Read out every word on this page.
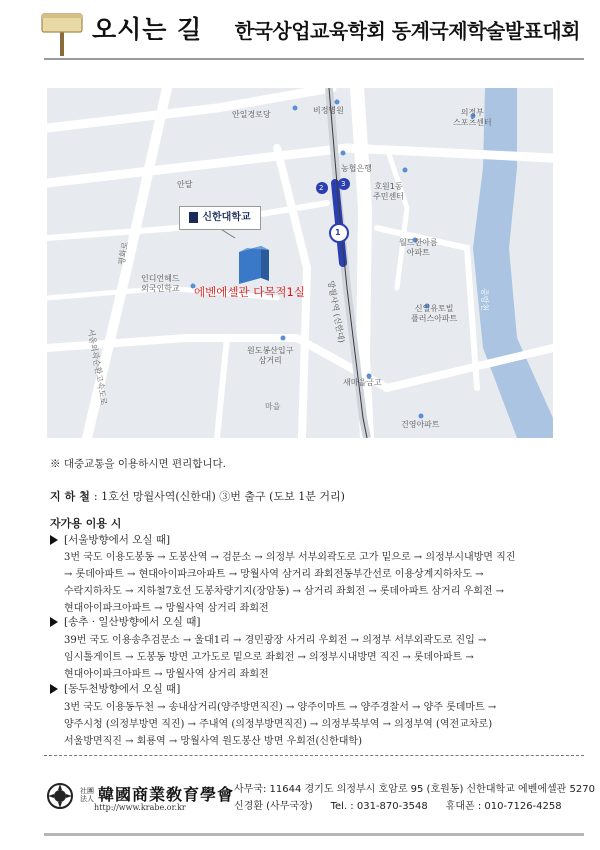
오시는 길 한국상업교육학회 동계국제학술발표대회
안일경로당	비정병원	의정부
스포츠센터
농협은행
호원1동
주민센터
안달
월드한아름
아파트
인디언헤드
외국인학교
신일유토빌
플러스아파트
원도봉산입구
삼거리
새마을금고
건영아파트
망월사역 (신한대)
1
2	3
중랑천
서울외곽순환고속도로
평화로
마을
신한대학교
에벤에셀관 다목적1실
※ 대중교통을 이용하시면 편리합니다.
지하철: 1호선 망월사역(신한대) ③번 출구 (도보 1분 거리)
자가용 이용 시
[서울방향에서 오실 때]
3번 국도 이용도봉동 → 도봉산역 → 검문소 → 의정부 서부외곽도로 고가 밑으로 → 의정부시내방면 직진
→ 롯데아파트 → 현대아이파크아파트 → 망월사역 삼거리 좌회전동부간선로 이용상계지하차도 →
수락지하차도 → 지하철7호선 도봉차량기지(장암동) → 삼거리 좌회전 → 롯데아파트 삼거리 우회전 →
현대아이파크아파트 → 망월사역 삼거리 좌회전
[송추 · 일산방향에서 오실 때]
39번 국도 이용송추검문소 → 울대1리 → 경민광장 사거리 우회전 → 의정부 서부외곽도로 진입 →
임시톨게이트 → 도봉동 방면 고가도로 밑으로 좌회전 → 의정부시내방면 직진 → 롯데아파트 →
현대아이파크아파트 → 망월사역 삼거리 좌회전
[동두천방향에서 오실 때]
3번 국도 이용동두천 → 송내삼거리(양주방면직진) → 양주이마트 → 양주경찰서 → 양주 롯데마트 →
양주시청 (의정부방면 직진) → 주내역 (의정부방면직진) → 의정부북부역 → 의정부역 (역전교차로)
서울방면직진 → 회룡역 → 망월사역 원도봉산 방면 우회전(신한대학)
社團
法人 韓國商業敎育學會
http://www.krabe.or.kr
사무국: 11644 경기도 의정부시 호암로 95 (호원동) 신한대학교 에벤에셀관 5270
신경환 (사무국장) Tel. : 031-870-3548 휴대폰 : 010-7126-4258
